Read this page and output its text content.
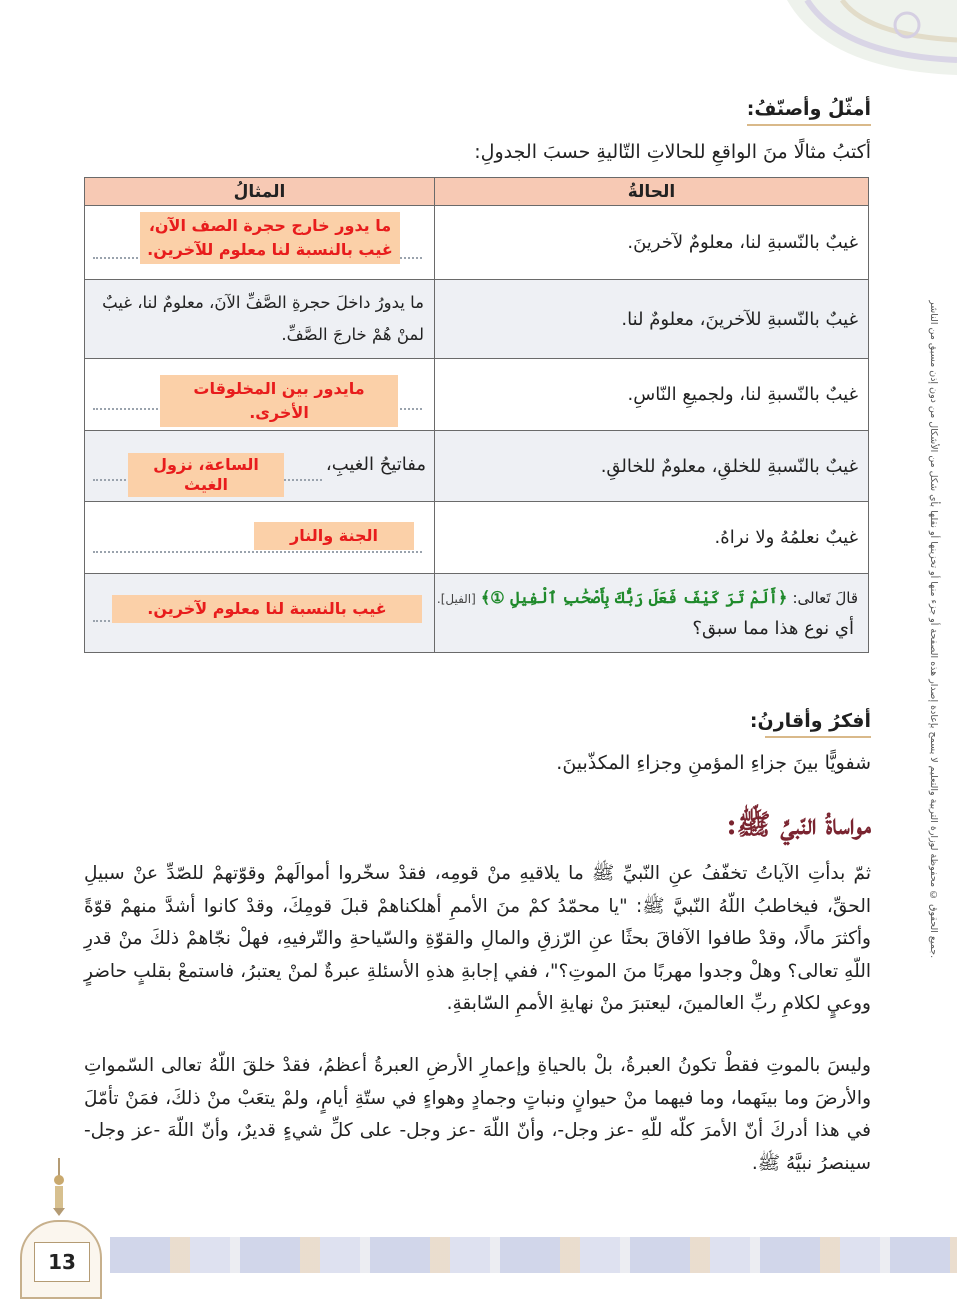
جميع الحقوق © محفوظة لوزارة التربية والتعليم لا يسمح بإعادة إصدار هذه الصفحة أو جزء منها أو تخزينها أو نقلها بأي شكل من الأشكال من دون إذن مسبق من الناشر.
أمثّلُ وأصنّفُ:
أكتبُ مثالًا منَ الواقعِ للحالاتِ التّاليةِ حسبَ الجدولِ:
الحالةُ	المثالُ
غيبٌ بالنّسبةِ لنا، معلومٌ لآخرينَ.	ما يدور خارج حجرة الصف الآن، غيب بالنسبة لنا معلوم للآخرين.

غيبٌ بالنّسبةِ للآخرينَ، معلومٌ لنا.	ما يدورُ داخلَ حجرةِ الصَّفِّ الآنَ، معلومٌ لنا، غيبٌ لمنْ هُمْ خارجَ الصَّفِّ.

غيبٌ بالنّسبةِ لنا، ولجميعِ النّاسِ.	مايدور بين المخلوقات الأخرى.

غيبٌ بالنّسبةِ للخلقِ، معلومٌ للخالقِ.	مفاتيحُ الغيبِ،
الساعة، نزول الغيث

غيبٌ نعلمُهُ ولا نراهُ.	الجنة والنار

قالَ تَعالى: ﴿أَلَمْ تَرَ كَيْفَ فَعَلَ رَبُّكَ بِأَصْحَٰبِ ٱلْفِيلِ ①﴾ [الفيل].
أي نوع هذا مما سبق؟	غيب بالنسبة لنا معلوم لآخرين.
أفكرُ وأقارنُ:
شفويًّا بينَ جزاءِ المؤمنِ وجزاءِ المكذّبينَ.
مواساةُ النّبيِّ ﷺ:
ثمّ بدأتِ الآياتُ تخفّفُ عنِ النّبيِّ ﷺ ما يلاقيهِ منْ قومِه، فقدْ سخّروا أموالَهمْ وقوّتهمْ للصّدِّ عنْ سبيلِ الحقِّ، فيخاطبُ اللّهُ النّبيَّ ﷺ: "يا محمّدُ كمْ منَ الأممِ أهلكناهمْ قبلَ قومِكَ، وقدْ كانوا أشدَّ منهمْ قوّةً وأكثرَ مالًا، وقدْ طافوا الآفاقَ بحثًا عنِ الرّزقِ والمالِ والقوّةِ والسّياحةِ والتّرفيهِ، فهلْ نجّاهمْ ذلكَ منْ قدرِ اللّهِ تعالى؟ وهلْ وجدوا مهربًا منَ الموتِ؟"، ففي إجابةِ هذهِ الأسئلةِ عبرةٌ لمنْ يعتبرُ، فاستمعْ بقلبٍ حاضرٍ ووعيٍ لكلامِ ربِّ العالمينَ، ليعتبرَ منْ نهايةِ الأممِ السّابقةِ.
وليسَ بالموتِ فقطْ تكونُ العبرةُ، بلْ بالحياةِ وإعمارِ الأرضِ العبرةُ أعظمُ، فقدْ خلقَ اللّهُ تعالى السّمواتِ والأرضَ وما بينَهما، وما فيهما منْ حيوانٍ ونباتٍ وجمادٍ وهواءٍ في ستّةِ أيامٍ، ولمْ يتعَبْ منْ ذلكَ، فمَنْ تأمّلَ في هذا أدركَ أنّ الأمرَ كلّه للّهِ -عز وجل-، وأنّ اللّهَ -عز وجل- على كلِّ شيءٍ قديرٌ، وأنّ اللّهَ -عز وجل- سينصرُ نبيَّهُ ﷺ.
13
